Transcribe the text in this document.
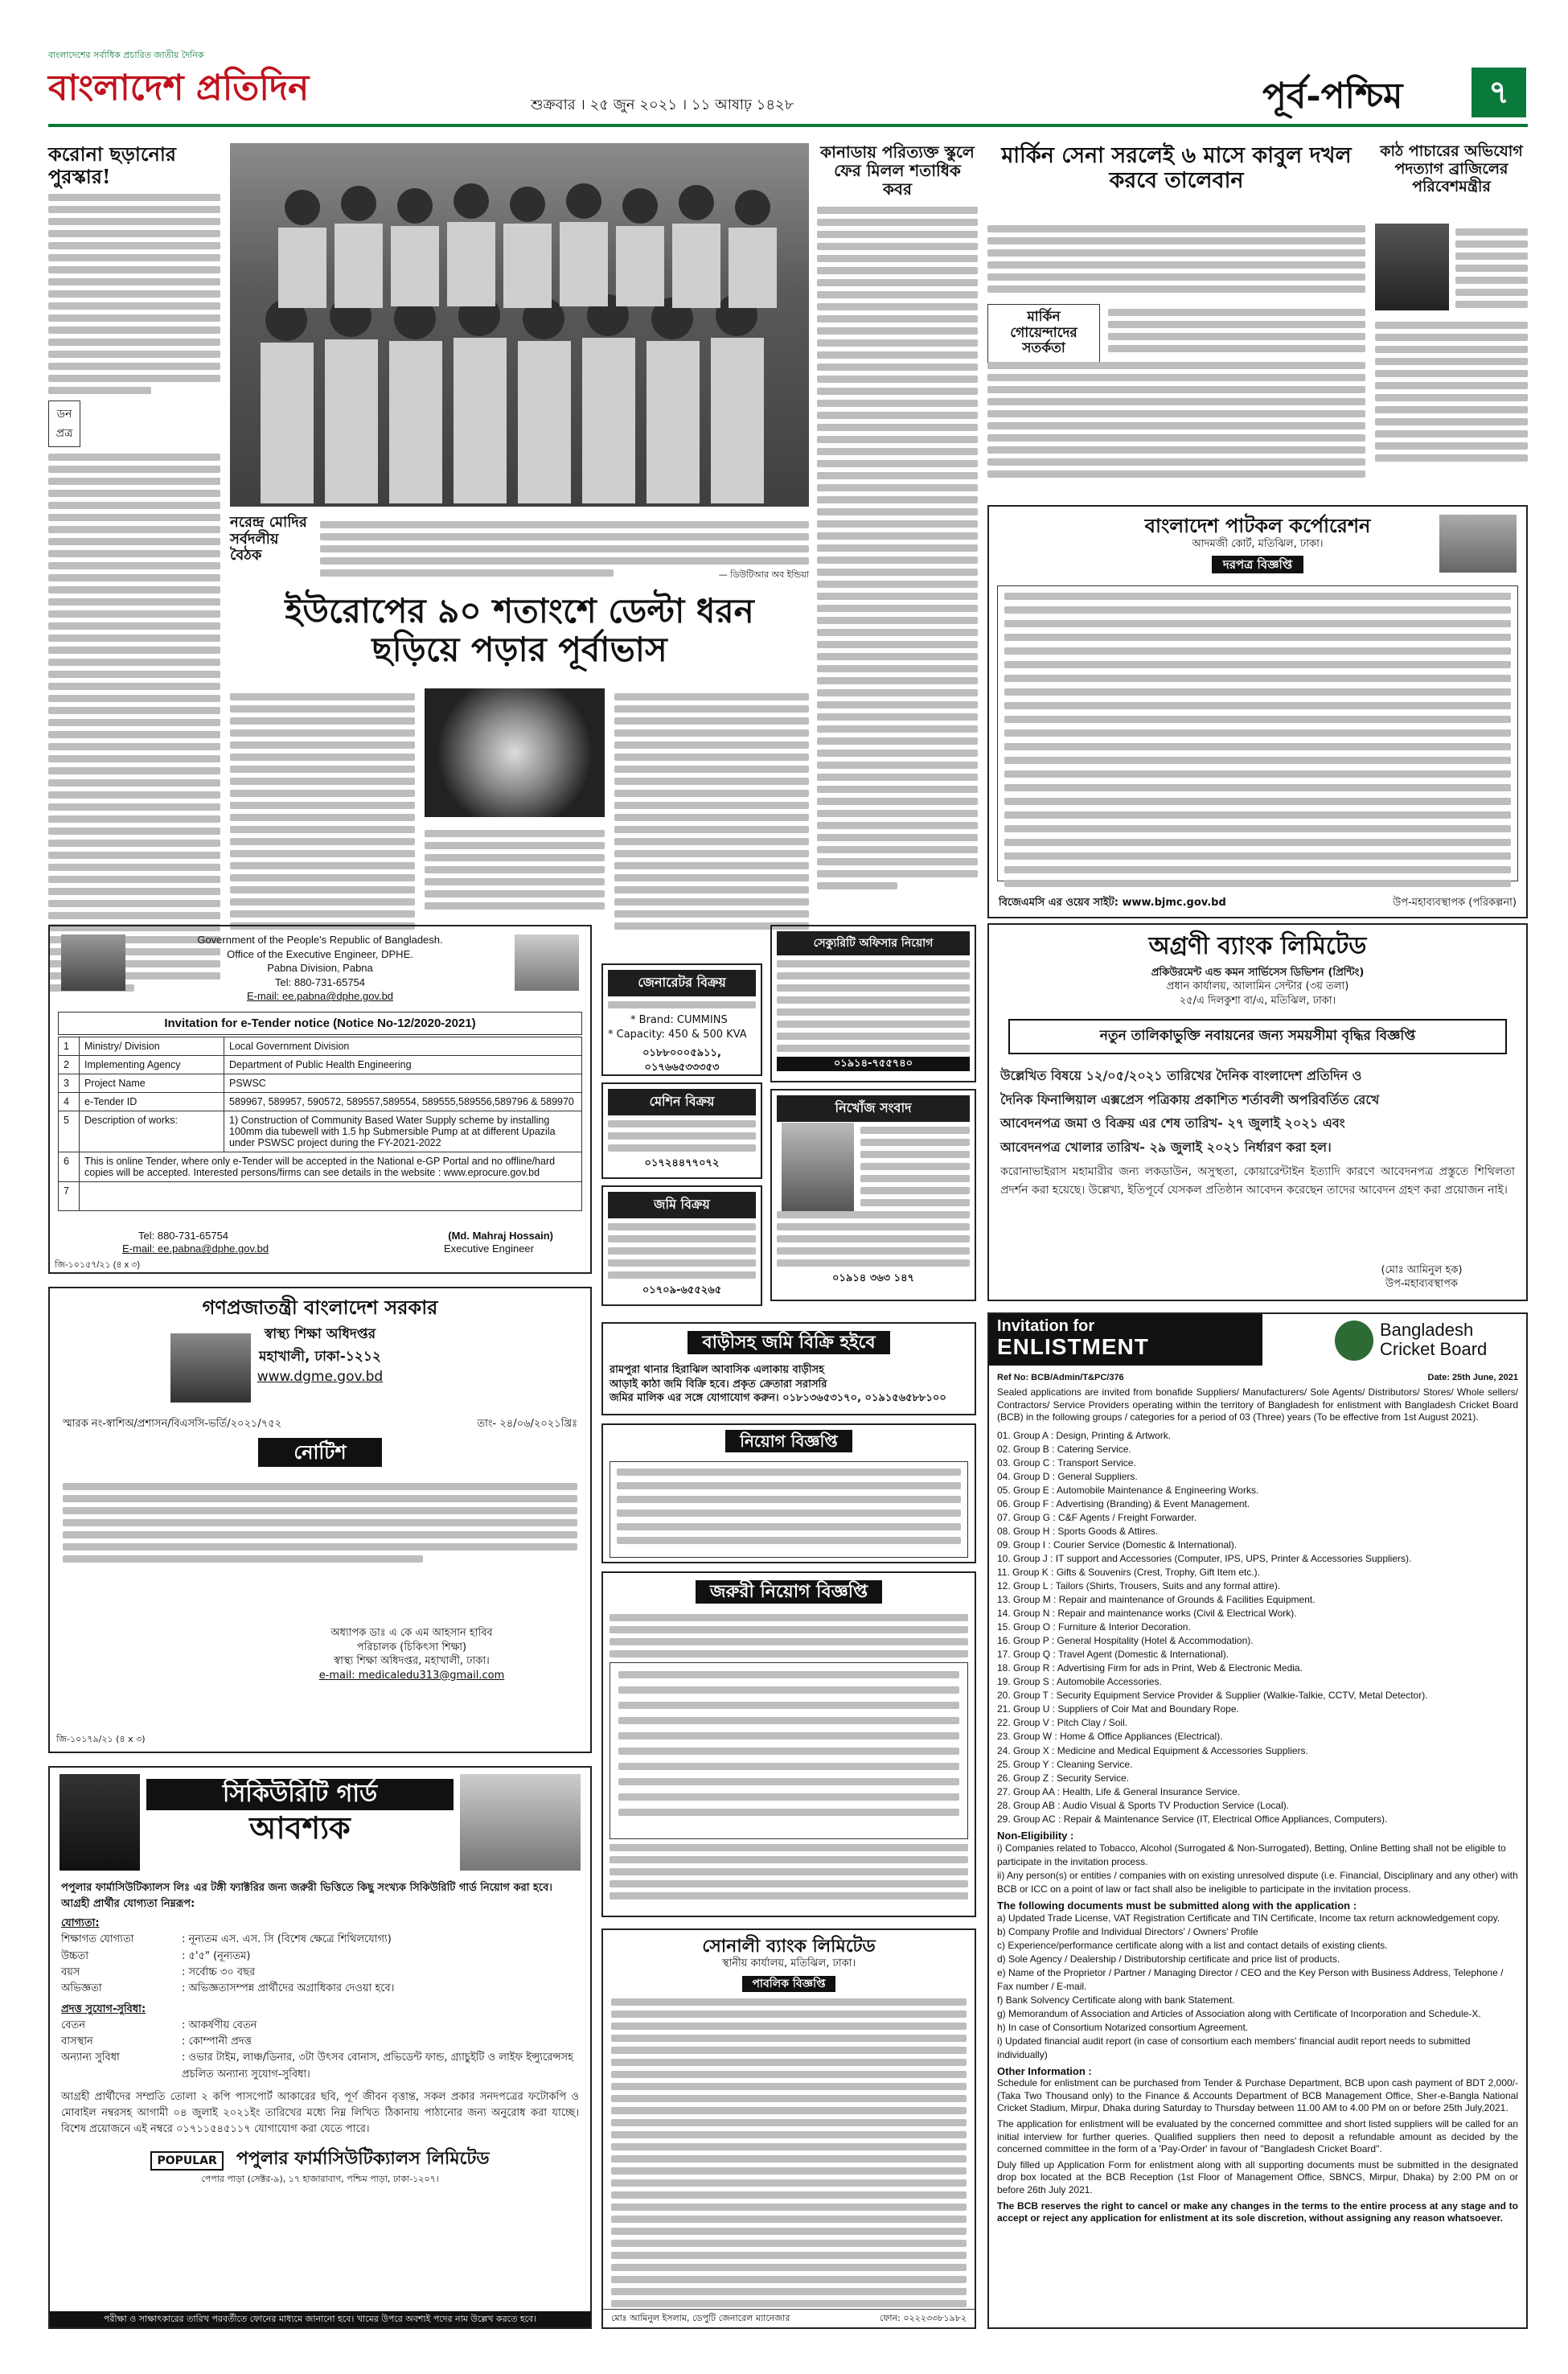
বাংলাদেশের সর্বাধিক প্রচারিত জাতীয় দৈনিক
বাংলাদেশ প্রতিদিন	শুক্রবার । ২৫ জুন ২০২১ । ১১ আষাঢ় ১৪২৮	পূর্ব-পশ্চিম	৭
করোনা ছড়ানোর পুরস্কার!
ডন প্রত্র
নরেন্দ্র মোদির সর্বদলীয় বৈঠক
— ডিউটিআর অব ইন্ডিয়া
ইউরোপের ৯০ শতাংশে ডেল্টা ধরন ছড়িয়ে পড়ার পূর্বাভাস
কানাডায় পরিত্যক্ত স্কুলে ফের মিলল শতাধিক কবর
মার্কিন সেনা সরলেই ৬ মাসে কাবুল দখল করবে তালেবান
মার্কিন গোয়েন্দাদের সতর্কতা
কাঠ পাচারের অভিযোগ পদত্যাগ ব্রাজিলের পরিবেশমন্ত্রীর
বাংলাদেশ পাটকল কর্পোরেশন
আদমজী কোর্ট, মতিঝিল, ঢাকা।
দরপত্র বিজ্ঞপ্তি
বিজেএমসি এর ওয়েব সাইট: www.bjmc.gov.bd	উপ-মহাব্যবস্থাপক (পরিকল্পনা)
Government of the People's Republic of Bangladesh.
Office of the Executive Engineer, DPHE.
Pabna Division, Pabna
Tel: 880-731-65754
E-mail: ee.pabna@dphe.gov.bd
Invitation for e-Tender notice (Notice No-12/2020-2021)
1	Ministry/ Division	Local Government Division
2	Implementing Agency	Department of Public Health Engineering
3	Project Name	PSWSC
4	e-Tender ID	589967, 589957, 590572, 589557,589554, 589555,589556,589796 & 589970
5	Description of works:	1) Construction of Community Based Water Supply scheme by installing 100mm dia tubewell with 1.5 hp Submersible Pump at at different Upazila under PSWSC project during the FY-2021-2022
6	This is online Tender, where only e-Tender will be accepted in the National e-GP Portal and no offline/hard copies will be accepted. Interested persons/firms can see details in the website : www.eprocure.gov.bd	
7		
Tel: 880-731-65754
E-mail: ee.pabna@dphe.gov.bd
(Md. Mahraj Hossain)
Executive Engineer
জি-১০১৫৭/২১ (৪ x ৩)
জেনারেটর বিক্রয়
* Brand: CUMMINS
* Capacity: 450 & 500 KVA
০১৮৮০০০৫৯১১, ০১৭৬৬৫৩৩৩৫৩
মেশিন বিক্রয়
০১৭২৪৪৭৭০৭২
জমি বিক্রয়
০১৭০৯-৬৫৫২৬৫
সেক্যুরিটি অফিসার নিয়োগ
০১৯১৪-৭৫৫৭৪০
নিখোঁজ সংবাদ
০১৯১৪ ৩৬৩ ১৪৭
গণপ্রজাতন্ত্রী বাংলাদেশ সরকার
স্বাস্থ্য শিক্ষা অধিদপ্তর
মহাখালী, ঢাকা-১২১২
www.dgme.gov.bd
স্মারক নং-স্বাশিঅ/প্রশাসন/বিএসসি-ভর্তি/২০২১/৭৫২	তাং- ২৪/০৬/২০২১খ্রিঃ
নোটিশ
অধ্যাপক ডাঃ এ কে এম আহসান হাবিব
পরিচালক (চিকিৎসা শিক্ষা)
স্বাস্থ্য শিক্ষা অধিদপ্তর, মহাখালী, ঢাকা।
e-mail: medicaledu313@gmail.com
জি-১০১৭৯/২১ (৪ x ৩)
বাড়ীসহ জমি বিক্রি হইবে
রামপুরা থানার হিরাঝিল আবাসিক এলাকায় বাড়ীসহ
আড়াই কাঠা জমি বিক্রি হবে। প্রকৃত ক্রেতারা সরাসরি
জমির মালিক এর সঙ্গে যোগাযোগ করুন। ০১৮১৩৬৫৩১৭০, ০১৯১৫৬৫৮৮১০০
নিয়োগ বিজ্ঞপ্তি
জরুরী নিয়োগ বিজ্ঞপ্তি
অগ্রণী ব্যাংক লিমিটেড
প্রকিউরমেন্ট এন্ড কমন সার্ভিসেস ডিভিশন (প্রিন্টিং)
প্রধান কার্যালয়, আলামিন সেন্টার (৩য় তলা)
২৫/এ দিলকুশা বা/এ, মতিঝিল, ঢাকা।
নতুন তালিকাভুক্তি নবায়নের জন্য সময়সীমা বৃদ্ধির বিজ্ঞপ্তি
উল্লেখিত বিষয়ে ১২/০৫/২০২১ তারিখের দৈনিক বাংলাদেশ প্রতিদিন ও
দৈনিক ফিনান্সিয়াল এক্সপ্রেস পত্রিকায় প্রকাশিত শর্তাবলী অপরিবর্তিত রেখে
আবেদনপত্র জমা ও বিক্রয় এর শেষ তারিখ- ২৭ জুলাই ২০২১ এবং
আবেদনপত্র খোলার তারিখ- ২৯ জুলাই ২০২১ নির্ধারণ করা হল।
করোনাভাইরাস মহামারীর জন্য লকডাউন, অসুস্থতা, কোয়ারেন্টাইন ইত্যাদি কারণে আবেদনপত্র প্রস্তুতে শিথিলতা প্রদর্শন করা হয়েছে। উল্লেখ্য, ইতিপূর্বে যেসকল প্রতিষ্ঠান আবেদন করেছেন তাদের আবেদন গ্রহণ করা প্রয়োজন নাই।
(মোঃ আমিনুল হক)
উপ-মহাব্যবস্থাপক
Invitation for
ENLISTMENT
Bangladesh
Cricket Board
Ref No: BCB/Admin/T&PC/376	Date: 25th June, 2021
Sealed applications are invited from bonafide Suppliers/ Manufacturers/ Sole Agents/ Distributors/ Stores/ Whole sellers/ Contractors/ Service Providers operating within the territory of Bangladesh for enlistment with Bangladesh Cricket Board (BCB) in the following groups / categories for a period of 03 (Three) years (To be effective from 1st August 2021).
01. Group A : Design, Printing & Artwork.
02. Group B : Catering Service.
03. Group C : Transport Service.
04. Group D : General Suppliers.
05. Group E : Automobile Maintenance & Engineering Works.
06. Group F : Advertising (Branding) & Event Management.
07. Group G : C&F Agents / Freight Forwarder.
08. Group H : Sports Goods & Attires.
09. Group I : Courier Service (Domestic & International).
10. Group J : IT support and Accessories (Computer, IPS, UPS, Printer & Accessories Suppliers).
11. Group K : Gifts & Souvenirs (Crest, Trophy, Gift Item etc.).
12. Group L : Tailors (Shirts, Trousers, Suits and any formal attire).
13. Group M : Repair and maintenance of Grounds & Facilities Equipment.
14. Group N : Repair and maintenance works (Civil & Electrical Work).
15. Group O : Furniture & Interior Decoration.
16. Group P : General Hospitality (Hotel & Accommodation).
17. Group Q : Travel Agent (Domestic & International).
18. Group R : Advertising Firm for ads in Print, Web & Electronic Media.
19. Group S : Automobile Accessories.
20. Group T : Security Equipment Service Provider & Supplier (Walkie-Talkie, CCTV, Metal Detector).
21. Group U : Suppliers of Coir Mat and Boundary Rope.
22. Group V : Pitch Clay / Soil.
23. Group W : Home & Office Appliances (Electrical).
24. Group X : Medicine and Medical Equipment & Accessories Suppliers.
25. Group Y : Cleaning Service.
26. Group Z : Security Service.
27. Group AA : Health, Life & General Insurance Service.
28. Group AB : Audio Visual & Sports TV Production Service (Local).
29. Group AC : Repair & Maintenance Service (IT, Electrical Office Appliances, Computers).
Non-Eligibility :
i) Companies related to Tobacco, Alcohol (Surrogated & Non-Surrogated), Betting, Online Betting shall not be eligible to participate in the invitation process.
ii) Any person(s) or entities / companies with on existing unresolved dispute (i.e. Financial, Disciplinary and any other) with BCB or ICC on a point of law or fact shall also be ineligible to participate in the invitation process.
The following documents must be submitted along with the application :
a) Updated Trade License, VAT Registration Certificate and TIN Certificate, Income tax return acknowledgement copy.
b) Company Profile and Individual Directors' / Owners' Profile
c) Experience/performance certificate along with a list and contact details of existing clients.
d) Sole Agency / Dealership / Distributorship certificate and price list of products.
e) Name of the Proprietor / Partner / Managing Director / CEO and the Key Person with Business Address, Telephone / Fax number / E-mail.
f) Bank Solvency Certificate along with bank Statement.
g) Memorandum of Association and Articles of Association along with Certificate of Incorporation and Schedule-X.
h) In case of Consortium Notarized consortium Agreement.
i) Updated financial audit report (in case of consortium each members' financial audit report needs to submitted individually)
Other Information :
Schedule for enlistment can be purchased from Tender & Purchase Department, BCB upon cash payment of BDT 2,000/-(Taka Two Thousand only) to the Finance & Accounts Department of BCB Management Office, Sher-e-Bangla National Cricket Stadium, Mirpur, Dhaka during Saturday to Thursday between 11.00 AM to 4.00 PM on or before 25th July,2021.
The application for enlistment will be evaluated by the concerned committee and short listed suppliers will be called for an initial interview for further queries. Qualified suppliers then need to deposit a refundable amount as decided by the concerned committee in the form of a 'Pay-Order' in favour of "Bangladesh Cricket Board".
Duly filled up Application Form for enlistment along with all supporting documents must be submitted in the designated drop box located at the BCB Reception (1st Floor of Management Office, SBNCS, Mirpur, Dhaka) by 2:00 PM on or before 26th July 2021.
The BCB reserves the right to cancel or make any changes in the terms to the entire process at any stage and to accept or reject any application for enlistment at its sole discretion, without assigning any reason whatsoever.
সিকিউরিটি গার্ড
আবশ্যক
পপুলার ফার্মাসিউটিক্যালস লিঃ এর টঙ্গী ফ্যাক্টরির জন্য জরুরী ভিত্তিতে কিছু সংখ্যক সিকিউরিটি গার্ড নিয়োগ করা হবে। আগ্রহী প্রার্থীর যোগ্যতা নিম্নরূপ:
যোগ্যতা:
শিক্ষাগত যোগ্যতা	: নূন্যতম এস. এস. সি (বিশেষ ক্ষেত্রে শিথিলযোগ্য)
উচ্চতা	: ৫'৫" (নূন্যতম)
বয়স	: সর্বোচ্চ ৩০ বছর
অভিজ্ঞতা	: অভিজ্ঞতাসম্পন্ন প্রার্থীদের অগ্রাধিকার দেওয়া হবে।
প্রদত্ত সুযোগ-সুবিধা:
বেতন	: আকর্ষণীয় বেতন
বাসস্থান	: কোম্পানী প্রদত্ত
অন্যান্য সুবিধা	: ওভার টাইম, লাঞ্চ/ডিনার, ৩টা উৎসব বোনাস, প্রভিডেন্ট ফান্ড, গ্র্যাচুইটি ও লাইফ ইন্স্যুরেন্সসহ প্রচলিত অন্যান্য সুযোগ-সুবিধা।
আগ্রহী প্রার্থীদের সম্প্রতি তোলা ২ কপি পাসপোর্ট আকারের ছবি, পূর্ণ জীবন বৃত্তান্ত, সকল প্রকার সনদপত্রের ফটোকপি ও মোবাইল নম্বরসহ আগামী ০৪ জুলাই ২০২১ইং তারিখের মধ্যে নিম্ন লিখিত ঠিকানায় পাঠানোর জন্য অনুরোধ করা যাচ্ছে। বিশেষ প্রয়োজনে এই নম্বরে ০১৭১১৫৪৫১১৭ যোগাযোগ করা যেতে পারে।
POPULAR পপুলার ফার্মাসিউটিক্যালস লিমিটেড
পেপার পাড়া (সেক্টর-৯), ১৭ হাজারাবাগ, পশ্চিম পাড়া, ঢাকা-১২০৭।
পরীক্ষা ও সাক্ষাৎকারের তারিখ পরবর্তীতে ফোনের মাধ্যমে জানানো হবে। খামের উপরে অবশ্যই পদের নাম উল্লেখ করতে হবে।
সোনালী ব্যাংক লিমিটেড
স্থানীয় কার্যালয়, মতিঝিল, ঢাকা।
পাবলিক বিজ্ঞপ্তি
মোঃ আমিনুল ইসলাম, ডেপুটি জেনারেল ম্যানেজার	ফোন: ০২২২৩৩৮১৯৮২
